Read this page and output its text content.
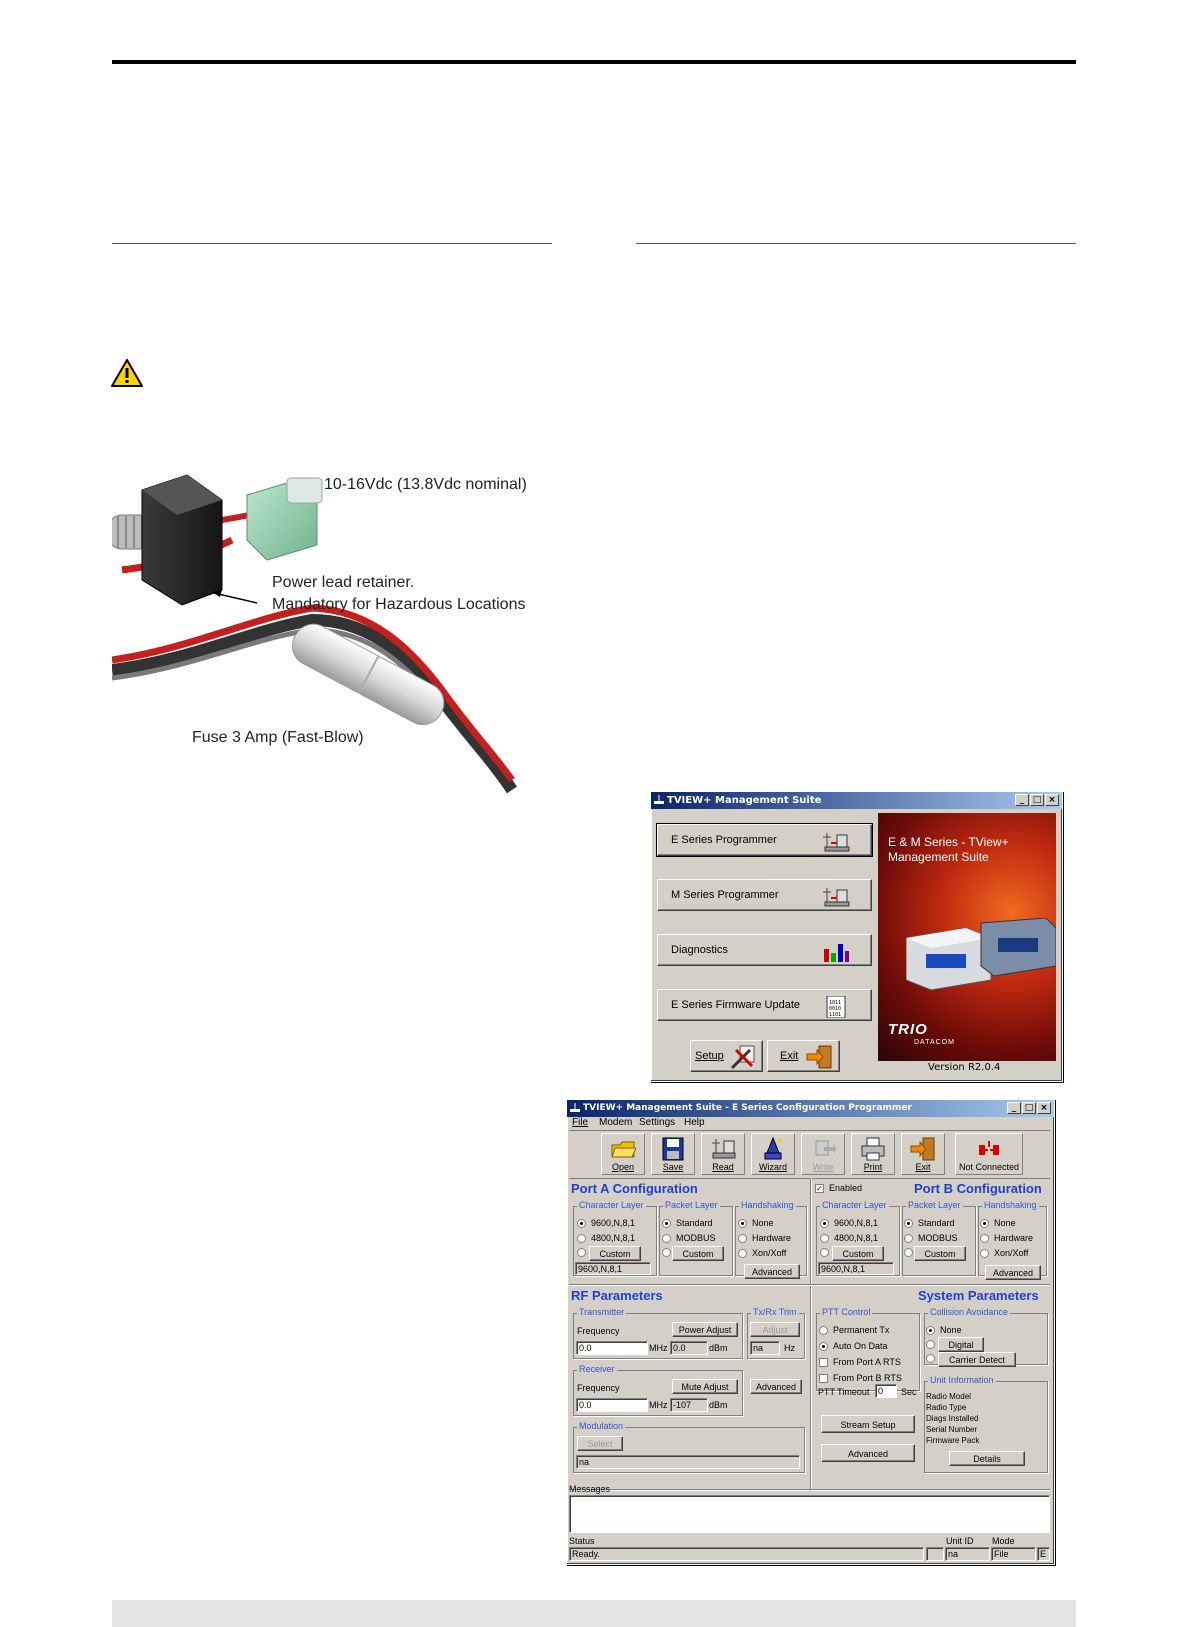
10-16Vdc (13.8Vdc nominal)
Power lead retainer.
Mandatory for Hazardous Locations
Fuse 3 Amp (Fast-Blow)
TVIEW+ Management Suite	_ □ ×
E Series Programmer
M Series Programmer
Diagnostics
E Series Firmware Update	1011
0010
1101
Setup	Exit
E & M Series - TView+ Management Suite
TRIO
DATACOM
Version R2.0.4
TVIEW+ Management Suite - E Series Configuration Programmer	_ □ ×
File Modem Settings Help
Open	Save	Read	Wizard	Write	Print	Exit	Not Connected
Port A Configuration
Character Layer
9600,N,8,1
4800,N,8,1
Custom
9600,N,8,1
Packet Layer
Standard
MODBUS
Custom
Handshaking
None
Hardware
Xon/Xoff
Advanced
✓ Enabled	Port B Configuration
Character Layer
9600,N,8,1
4800,N,8,1
Custom
9600,N,8,1
Packet Layer
Standard
MODBUS
Custom
Handshaking
None
Hardware
Xon/Xoff
Advanced
RF Parameters
Transmitter
Frequency	Power Adjust
0.0	MHz 0.0	dBm
Tx/Rx Trim
Adjust
na	Hz
Receiver
Frequency	Mute Adjust	Advanced
0.0	MHz -107	dBm
Modulation
Select
na
System Parameters
PTT Control
Permanent Tx
Auto On Data
From Port A RTS
From Port B RTS
PTT Timeout 0	Sec
Collision Avoidance
None
Digital
Carrier Detect
Stream Setup
Advanced
Unit Information
Radio Model
Radio Type
Diags Installed
Serial Number
Firmware Pack
Details
Messages
Status	Unit ID Mode
Ready.	na	File	E
